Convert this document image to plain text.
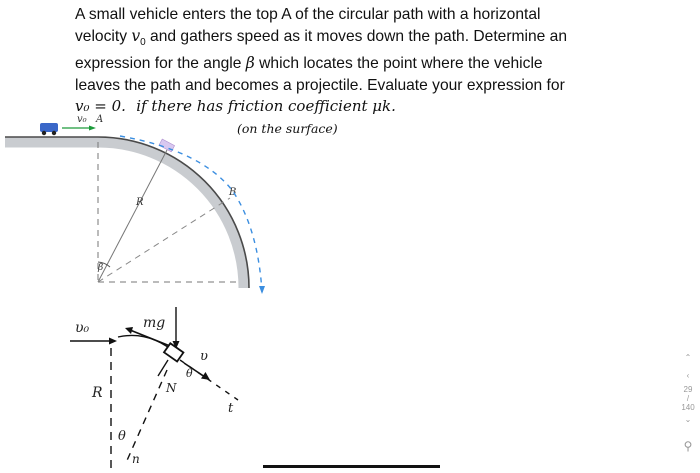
A small vehicle enters the top A of the circular path with a horizontal
velocity $v_0$ and gathers speed as it moves down the path. Determine an
expression for the angle β which locates the point where the vehicle
leaves the path and becomes a projectile. Evaluate your expression for
v₀ = 0. if there has friction coefficient μk.
v₀ A
R
B
β
(on the surface)
υ₀	mg
υ
θ
N
t
R
θ
n
⌃
‹
29
/
140
⌄
⚲
